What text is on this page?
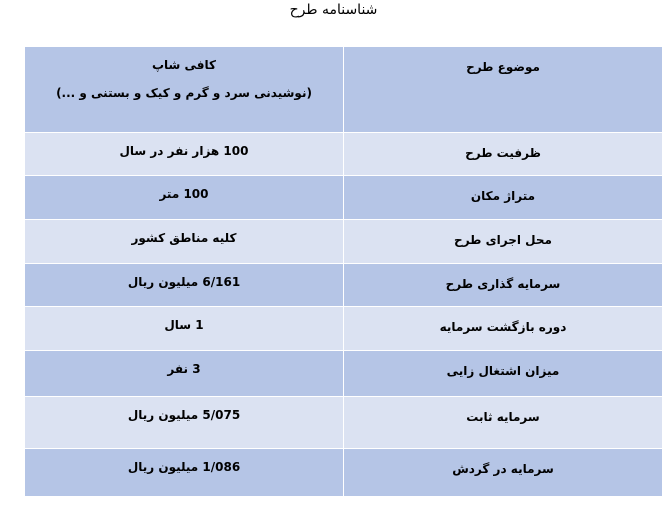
شناسنامه طرح
موضوع طرح	کافی شاپ
(نوشیدنی سرد و گرم و کیک و بستنی و ...)

ظرفیت طرح	100 هزار نفر در سال
متراژ مکان	100 متر
محل اجرای طرح	کلیه مناطق کشور
سرمایه گذاری طرح	6/161 میلیون ریال
دوره بازگشت سرمایه	1 سال
میزان اشتغال زایی	3 نفر
سرمایه ثابت	5/075 میلیون ریال
سرمایه در گردش	1/086 میلیون ریال
